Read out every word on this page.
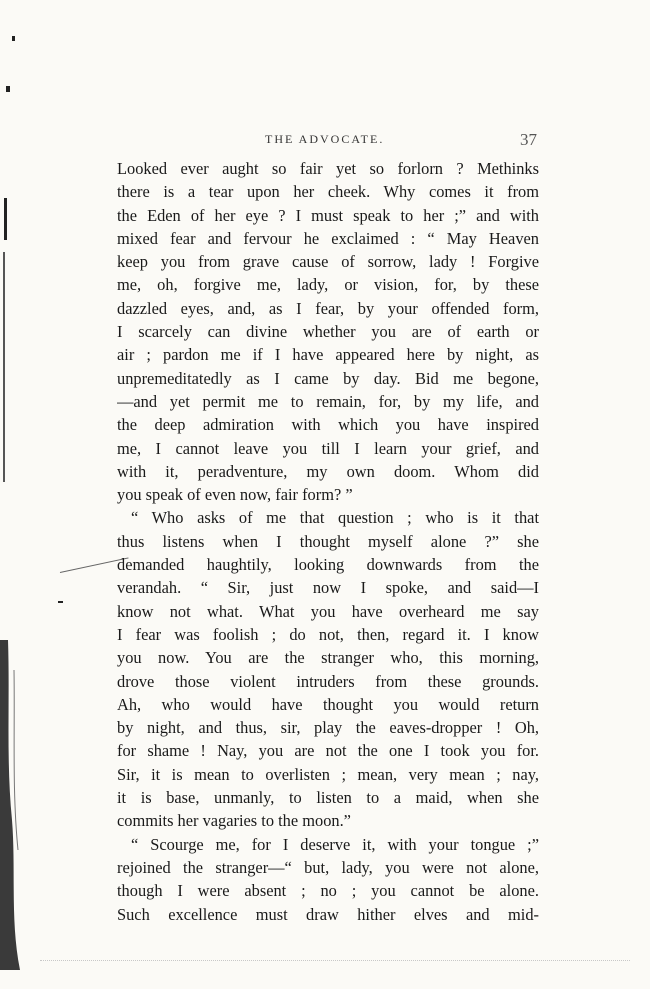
THE ADVOCATE.	37
Looked ever aught so fair yet so forlorn ? Methinks
there is a tear upon her cheek. Why comes it from
the Eden of her eye ? I must speak to her ;” and with
mixed fear and fervour he exclaimed : “ May Heaven
keep you from grave cause of sorrow, lady ! Forgive
me, oh, forgive me, lady, or vision, for, by these
dazzled eyes, and, as I fear, by your offended form,
I scarcely can divine whether you are of earth or
air ; pardon me if I have appeared here by night, as
unpremeditatedly as I came by day. Bid me begone,
—and yet permit me to remain, for, by my life, and
the deep admiration with which you have inspired
me, I cannot leave you till I learn your grief, and
with it, peradventure, my own doom. Whom did
you speak of even now, fair form? ”
“ Who asks of me that question ; who is it that
thus listens when I thought myself alone ?” she
demanded haughtily, looking downwards from the
verandah. “ Sir, just now I spoke, and said—I
know not what. What you have overheard me say
I fear was foolish ; do not, then, regard it. I know
you now. You are the stranger who, this morning,
drove those violent intruders from these grounds.
Ah, who would have thought you would return
by night, and thus, sir, play the eaves-dropper ! Oh,
for shame ! Nay, you are not the one I took you for.
Sir, it is mean to overlisten ; mean, very mean ; nay,
it is base, unmanly, to listen to a maid, when she
commits her vagaries to the moon.”
“ Scourge me, for I deserve it, with your tongue ;”
rejoined the stranger—“ but, lady, you were not alone,
though I were absent ; no ; you cannot be alone.
Such excellence must draw hither elves and mid-
